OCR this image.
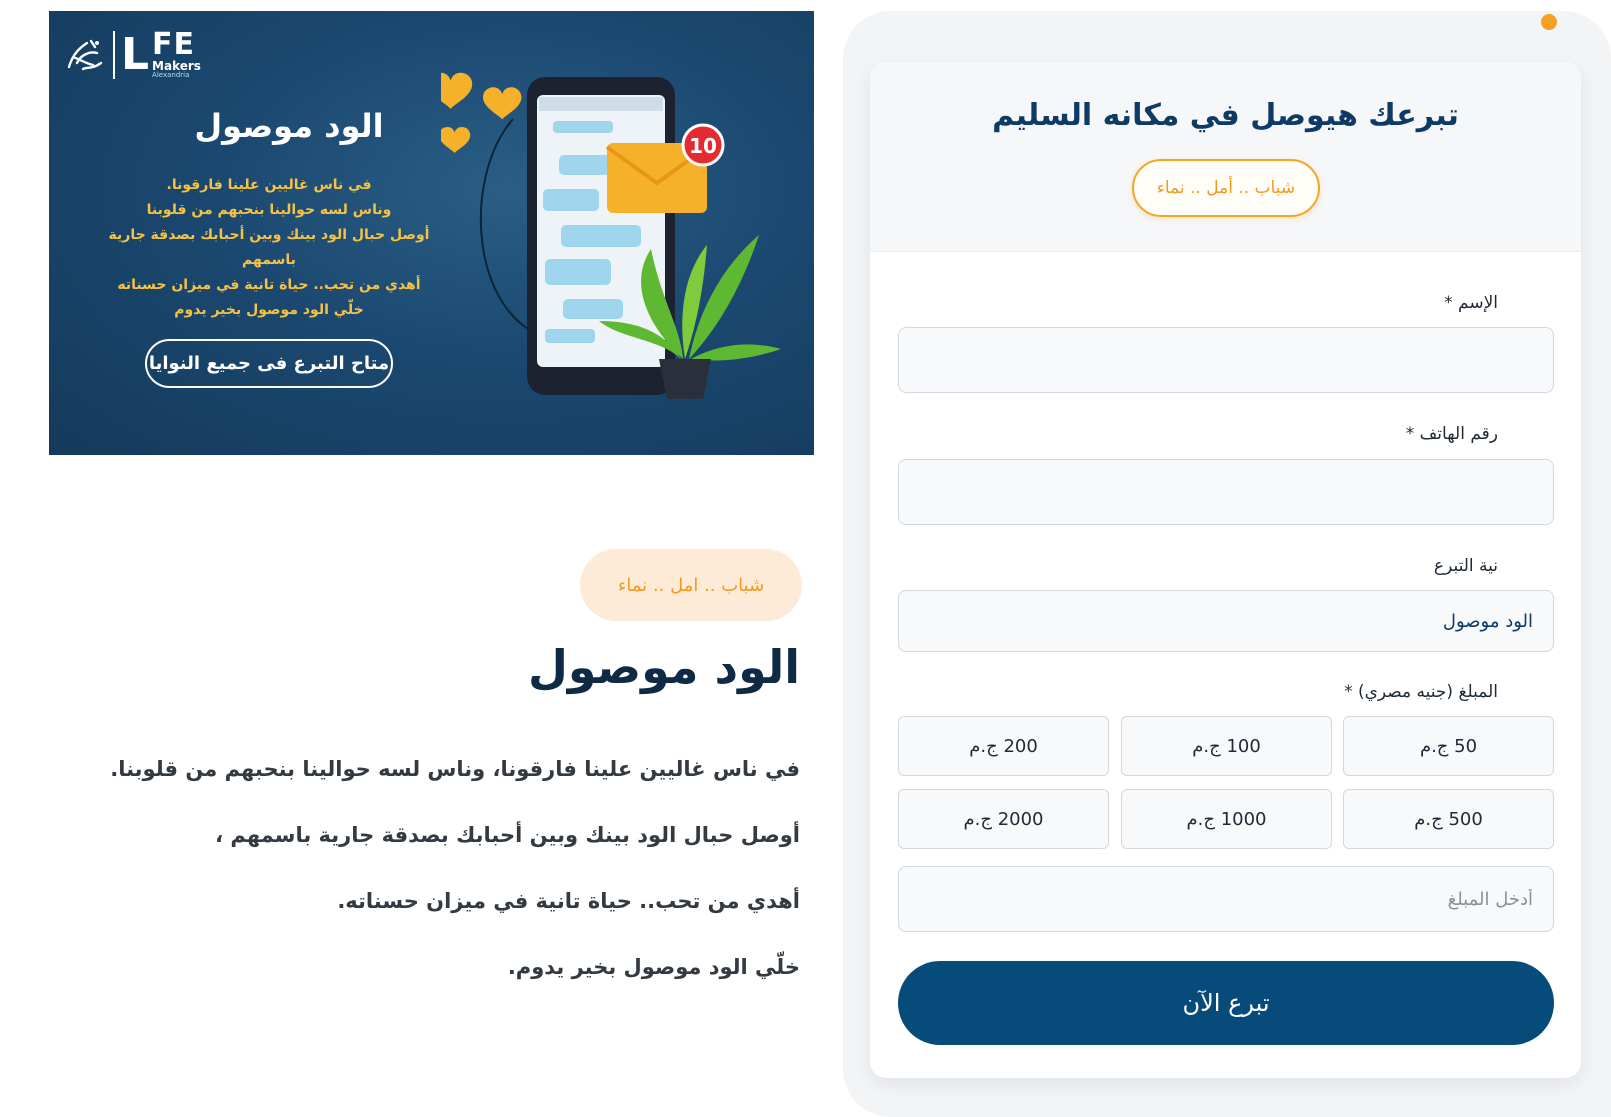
L FE
Makers
Alexandria
الود موصول
في ناس غاليين علينا فارقونا.
وناس لسه حوالينا بنحبهم من قلوبنا
أوصل حبال الود بينك وبين أحبابك بصدقة جارية باسمهم
أهدي من تحب.. حياة تانية في ميزان حسناته
خلّي الود موصول بخير يدوم
متاح التبرع فى جميع النوايا
10
شباب .. امل .. نماء
الود موصول

في ناس غاليين علينا فارقونا، وناس لسه حوالينا بنحبهم من قلوبنا.

أوصل حبال الود بينك وبين أحبابك بصدقة جارية باسمهم ،

أهدي من تحب.. حياة تانية في ميزان حسناته.

خلّي الود موصول بخير يدوم.

تبرعك هيوصل في مكانه السليم
شباب .. أمل .. نماء
الإسم *
رقم الهاتف *
نية التبرع
الود موصول
المبلغ (جنيه مصري) *
50 ج.م
100 ج.م
200 ج.م
500 ج.م
1000 ج.م
2000 ج.م
أدخل المبلغ
تبرع الآن
